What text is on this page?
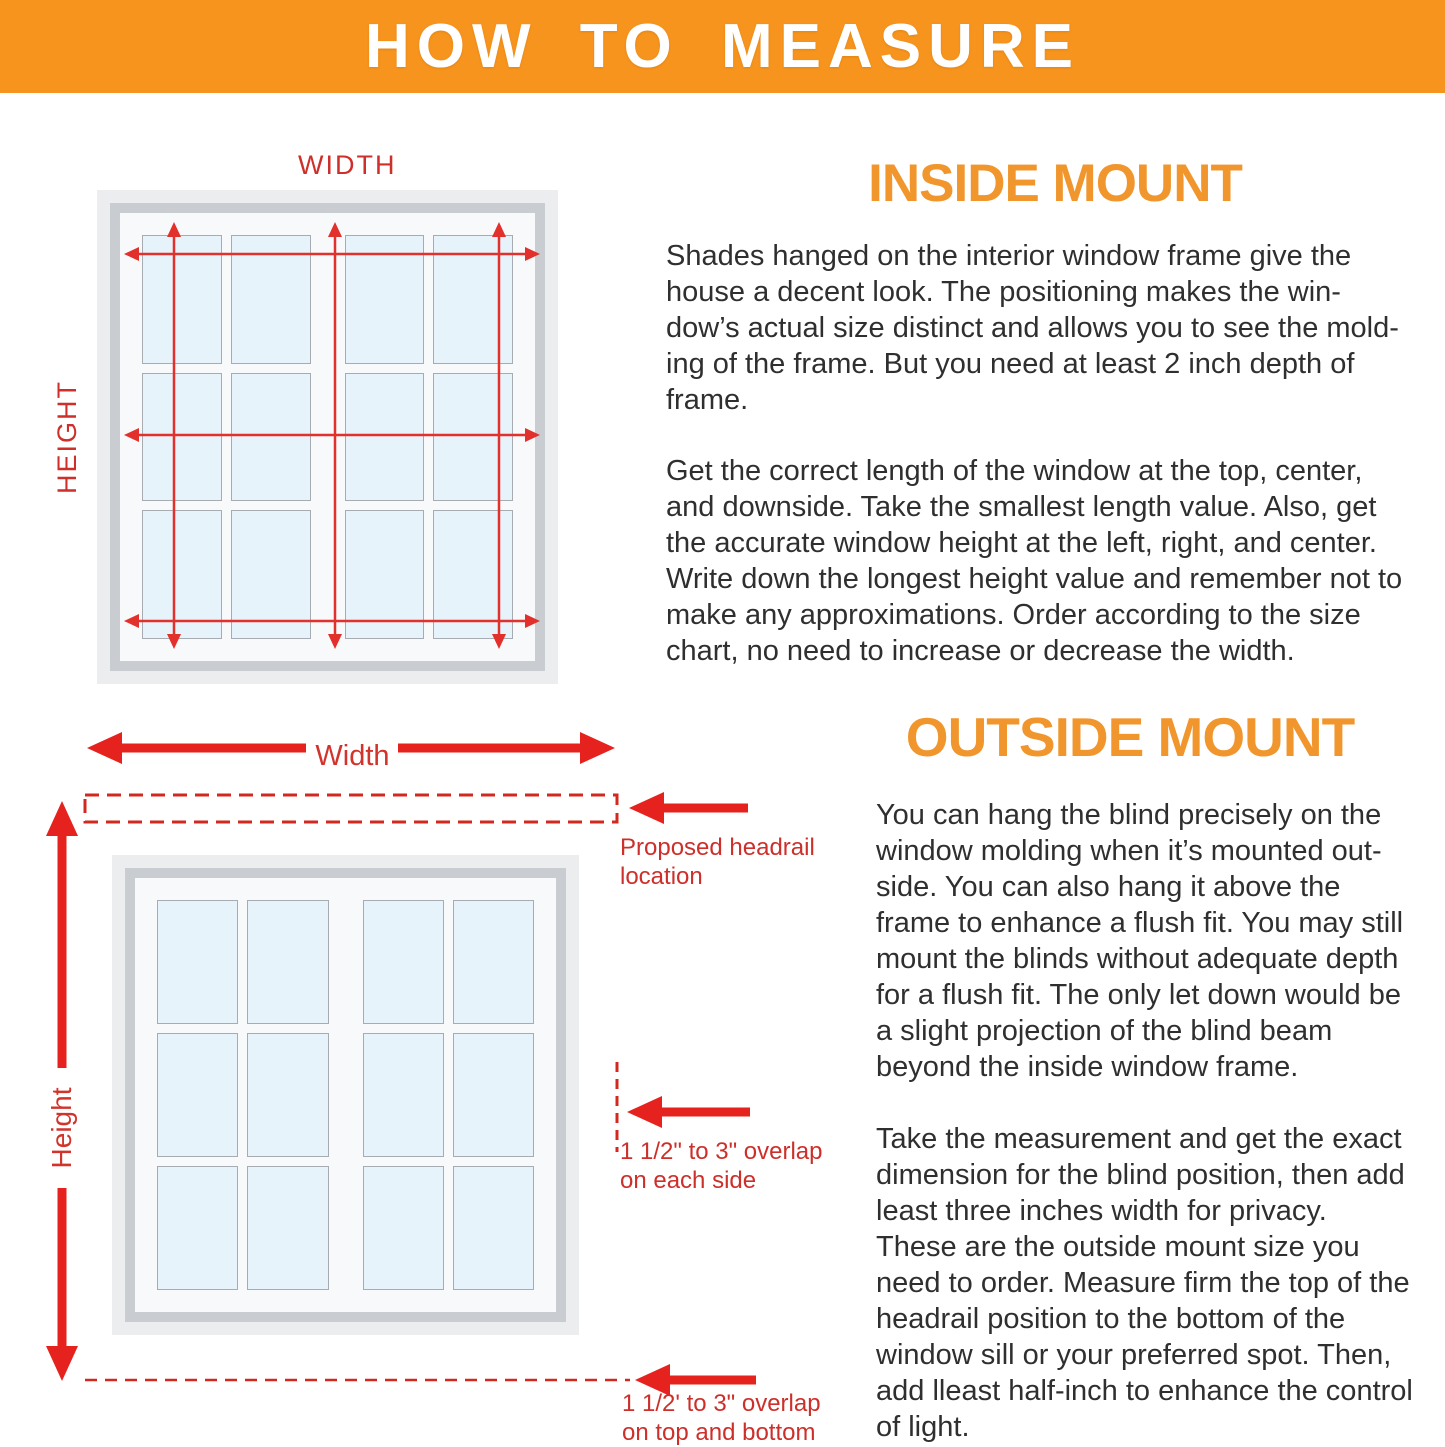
HOW TO MEASURE
WIDTH
HEIGHT
Width
Height
Proposed headrail
location
1 1/2" to 3" overlap
on each side
1 1/2' to 3" overlap
on top and bottom
INSIDE MOUNT
Shades hanged on the interior window frame give the
house a decent look. The positioning makes the win-
dow’s actual size distinct and allows you to see the mold-
ing of the frame. But you need at least 2 inch depth of
frame.
Get the correct length of the window at the top, center,
and downside. Take the smallest length value. Also, get
the accurate window height at the left, right, and center.
Write down the longest height value and remember not to
make any approximations. Order according to the size
chart, no need to increase or decrease the width.
OUTSIDE MOUNT
You can hang the blind precisely on the
window molding when it’s mounted out-
side. You can also hang it above the
frame to enhance a flush fit. You may still
mount the blinds without adequate depth
for a flush fit. The only let down would be
a slight projection of the blind beam
beyond the inside window frame.
Take the measurement and get the exact
dimension for the blind position, then add
least three inches width for privacy.
These are the outside mount size you
need to order. Measure firm the top of the
headrail position to the bottom of the
window sill or your preferred spot. Then,
add lleast half-inch to enhance the control
of light.
